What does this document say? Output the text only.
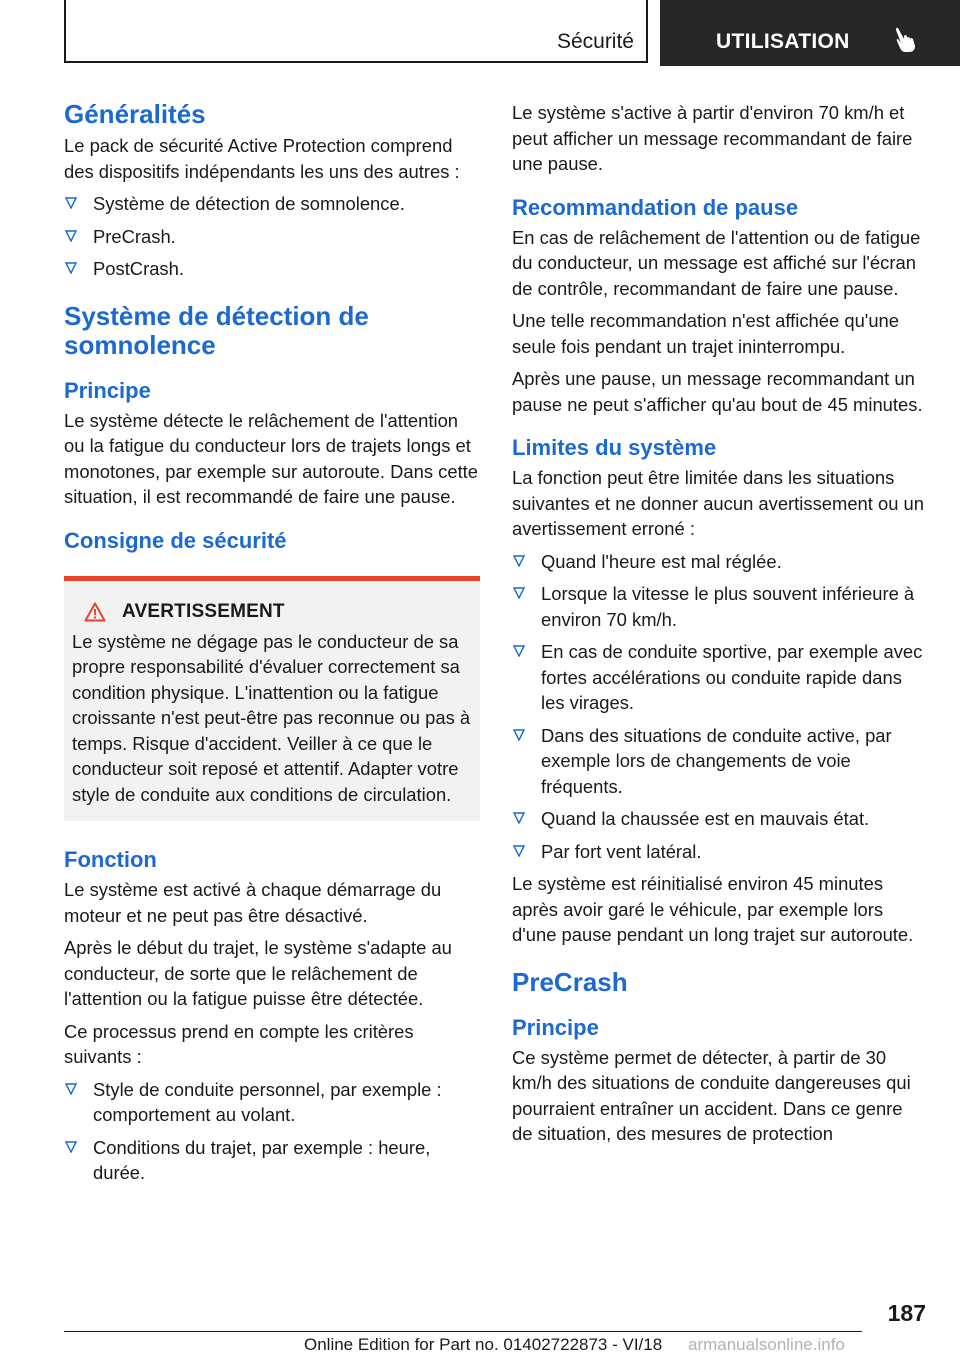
Sécurité	UTILISATION
Généralités

Le pack de sécurité Active Protection comprend des dispositifs indépendants les uns des autres :

Système de détection de somnolence.
PreCrash.
PostCrash.
Système de détection de somnolence
Principe

Le système détecte le relâchement de l'attention ou la fatigue du conducteur lors de trajets longs et monotones, par exemple sur autoroute. Dans cette situation, il est recommandé de faire une pause.

Consigne de sécurité
AVERTISSEMENT

Le système ne dégage pas le conducteur de sa propre responsabilité d'évaluer correctement sa condition physique. L'inattention ou la fatigue croissante n'est peut-être pas reconnue ou pas à temps. Risque d'accident. Veiller à ce que le conducteur soit reposé et attentif. Adapter votre style de conduite aux conditions de circulation.

Fonction

Le système est activé à chaque démarrage du moteur et ne peut pas être désactivé.

Après le début du trajet, le système s'adapte au conducteur, de sorte que le relâchement de l'attention ou la fatigue puisse être détectée.

Ce processus prend en compte les critères suivants :

Style de conduite personnel, par exemple : comportement au volant.
Conditions du trajet, par exemple : heure, durée.

Le système s'active à partir d'environ 70 km/h et peut afficher un message recommandant de faire une pause.

Recommandation de pause

En cas de relâchement de l'attention ou de fatigue du conducteur, un message est affiché sur l'écran de contrôle, recommandant de faire une pause.

Une telle recommandation n'est affichée qu'une seule fois pendant un trajet ininterrompu.

Après une pause, un message recommandant un pause ne peut s'afficher qu'au bout de 45 minutes.

Limites du système

La fonction peut être limitée dans les situations suivantes et ne donner aucun avertissement ou un avertissement erroné :

Quand l'heure est mal réglée.
Lorsque la vitesse le plus souvent inférieure à environ 70 km/h.
En cas de conduite sportive, par exemple avec fortes accélérations ou conduite rapide dans les virages.
Dans des situations de conduite active, par exemple lors de changements de voie fréquents.
Quand la chaussée est en mauvais état.
Par fort vent latéral.

Le système est réinitialisé environ 45 minutes après avoir garé le véhicule, par exemple lors d'une pause pendant un long trajet sur autoroute.

PreCrash
Principe

Ce système permet de détecter, à partir de 30 km/h des situations de conduite dangereuses qui pourraient entraîner un accident. Dans ce genre de situation, des mesures de protection

187
Online Edition for Part no. 01402722873 - VI/18 armanualsonline.info
